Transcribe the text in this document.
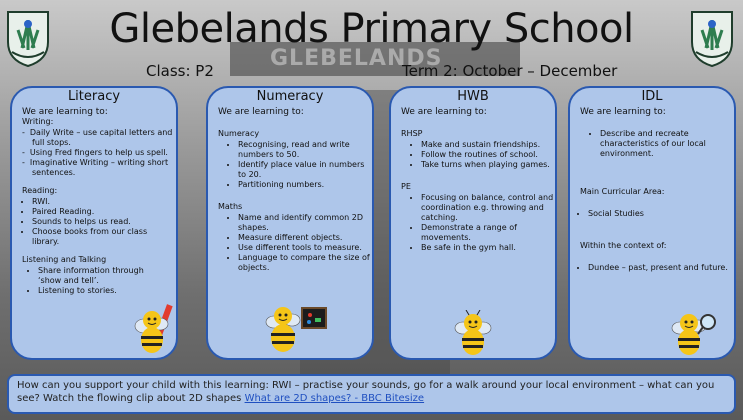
GLEBELANDS
Glebelands Primary School
Class: P2	Term 2: October – December
Literacy
We are learning to:
Writing:
- Daily Write – use capital letters and full stops.
- Using Fred fingers to help us spell.
- Imaginative Writing – writing short sentences.
Reading:
• RWI.
• Paired Reading.
• Sounds to helps us read.
• Choose books from our class library.
Listening and Talking
• Share information through ‘show and tell’.
• Listening to stories.
Numeracy
We are learning to:
Numeracy
• Recognising, read and write numbers to 50.
• Identify place value in numbers to 20.
• Partitioning numbers.
Maths
• Name and identify common 2D shapes.
• Measure different objects.
• Use different tools to measure.
• Language to compare the size of objects.
HWB
We are learning to:
RHSP
• Make and sustain friendships.
• Follow the routines of school.
• Take turns when playing games.
PE
• Focusing on balance, control and coordination e.g. throwing and catching.
• Demonstrate a range of movements.
• Be safe in the gym hall.
IDL
We are learning to:
• Describe and recreate characteristics of our local environment.
Main Curricular Area:
• Social Studies
Within the context of:
• Dundee – past, present and future.
How can you support your child with this learning: RWI – practise your sounds, go for a walk around your local environment – what can you see? Watch the flowing clip about 2D shapes What are 2D shapes? - BBC Bitesize
